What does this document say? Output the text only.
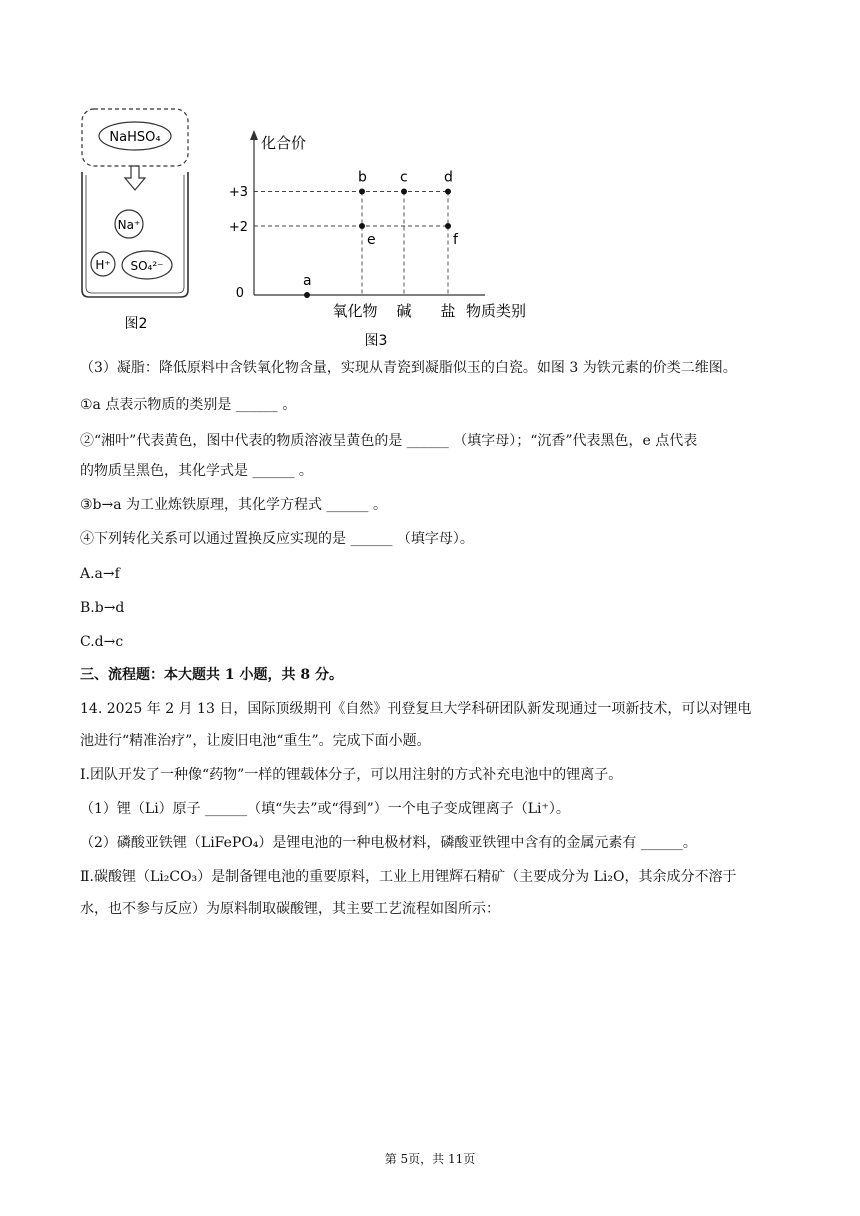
NaHSO₄
Na⁺
H⁺ SO₄²⁻
图2
化合价
+3
+2
0
a
b c	d
e	f
氧化物 碱 盐 物质类别
图3
（3）凝脂：降低原料中含铁氧化物含量，实现从青瓷到凝脂似玉的白瓷。如图 3 为铁元素的价类二维图。
①a 点表示物质的类别是 ______ 。
②“湘叶”代表黄色，图中代表的物质溶液呈黄色的是 ______ （填字母）；“沉香”代表黑色，e 点代表
的物质呈黑色，其化学式是 ______ 。
③b→a 为工业炼铁原理，其化学方程式 ______ 。
④下列转化关系可以通过置换反应实现的是 ______ （填字母）。
A.a→f
B.b→d
C.d→c
三、流程题：本大题共 1 小题，共 8 分。
14. 2025 年 2 月 13 日，国际顶级期刊《自然》刊登复旦大学科研团队新发现通过一项新技术，可以对锂电
池进行“精准治疗”，让废旧电池“重生”。完成下面小题。
Ⅰ.团队开发了一种像“药物”一样的锂载体分子，可以用注射的方式补充电池中的锂离子。
（1）锂（Li）原子 ______（填“失去”或“得到”）一个电子变成锂离子（Li⁺）。
（2）磷酸亚铁锂（LiFePO₄）是锂电池的一种电极材料，磷酸亚铁锂中含有的金属元素有 ______。
Ⅱ.碳酸锂（Li₂CO₃）是制备锂电池的重要原料，工业上用锂辉石精矿（主要成分为 Li₂O，其余成分不溶于
水，也不参与反应）为原料制取碳酸锂，其主要工艺流程如图所示：
第 5页，共 11页
